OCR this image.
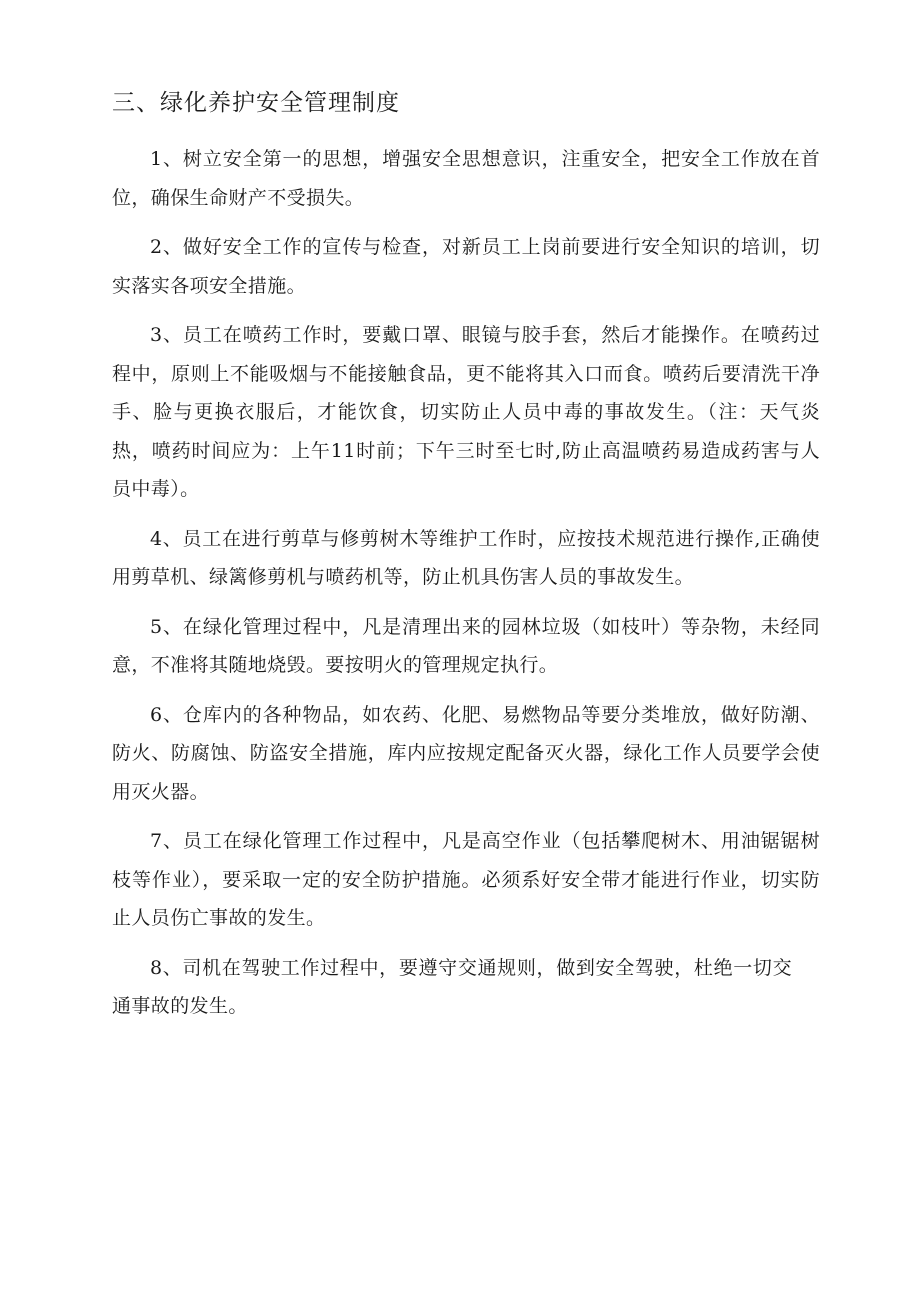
三、绿化养护安全管理制度

1、树立安全第一的思想，增强安全思想意识，注重安全，把安全工作放在首位，确保生命财产不受损失。

2、做好安全工作的宣传与检查，对新员工上岗前要进行安全知识的培训，切实落实各项安全措施。

3、员工在喷药工作时，要戴口罩、眼镜与胶手套，然后才能操作。在喷药过程中，原则上不能吸烟与不能接触食品，更不能将其入口而食。喷药后要清洗干净手、脸与更换衣服后，才能饮食，切实防止人员中毒的事故发生。（注：天气炎热，喷药时间应为：上午11时前；下午三时至七时,防止高温喷药易造成药害与人员中毒）。

4、员工在进行剪草与修剪树木等维护工作时，应按技术规范进行操作,正确使用剪草机、绿篱修剪机与喷药机等，防止机具伤害人员的事故发生。

5、在绿化管理过程中，凡是清理出来的园林垃圾（如枝叶）等杂物，未经同意，不准将其随地烧毁。要按明火的管理规定执行。

6、仓库内的各种物品，如农药、化肥、易燃物品等要分类堆放，做好防潮、防火、防腐蚀、防盗安全措施，库内应按规定配备灭火器，绿化工作人员要学会使用灭火器。

7、员工在绿化管理工作过程中，凡是高空作业（包括攀爬树木、用油锯锯树枝等作业），要采取一定的安全防护措施。必须系好安全带才能进行作业，切实防止人员伤亡事故的发生。

8、司机在驾驶工作过程中，要遵守交通规则，做到安全驾驶，杜绝一切交通事故的发生。
